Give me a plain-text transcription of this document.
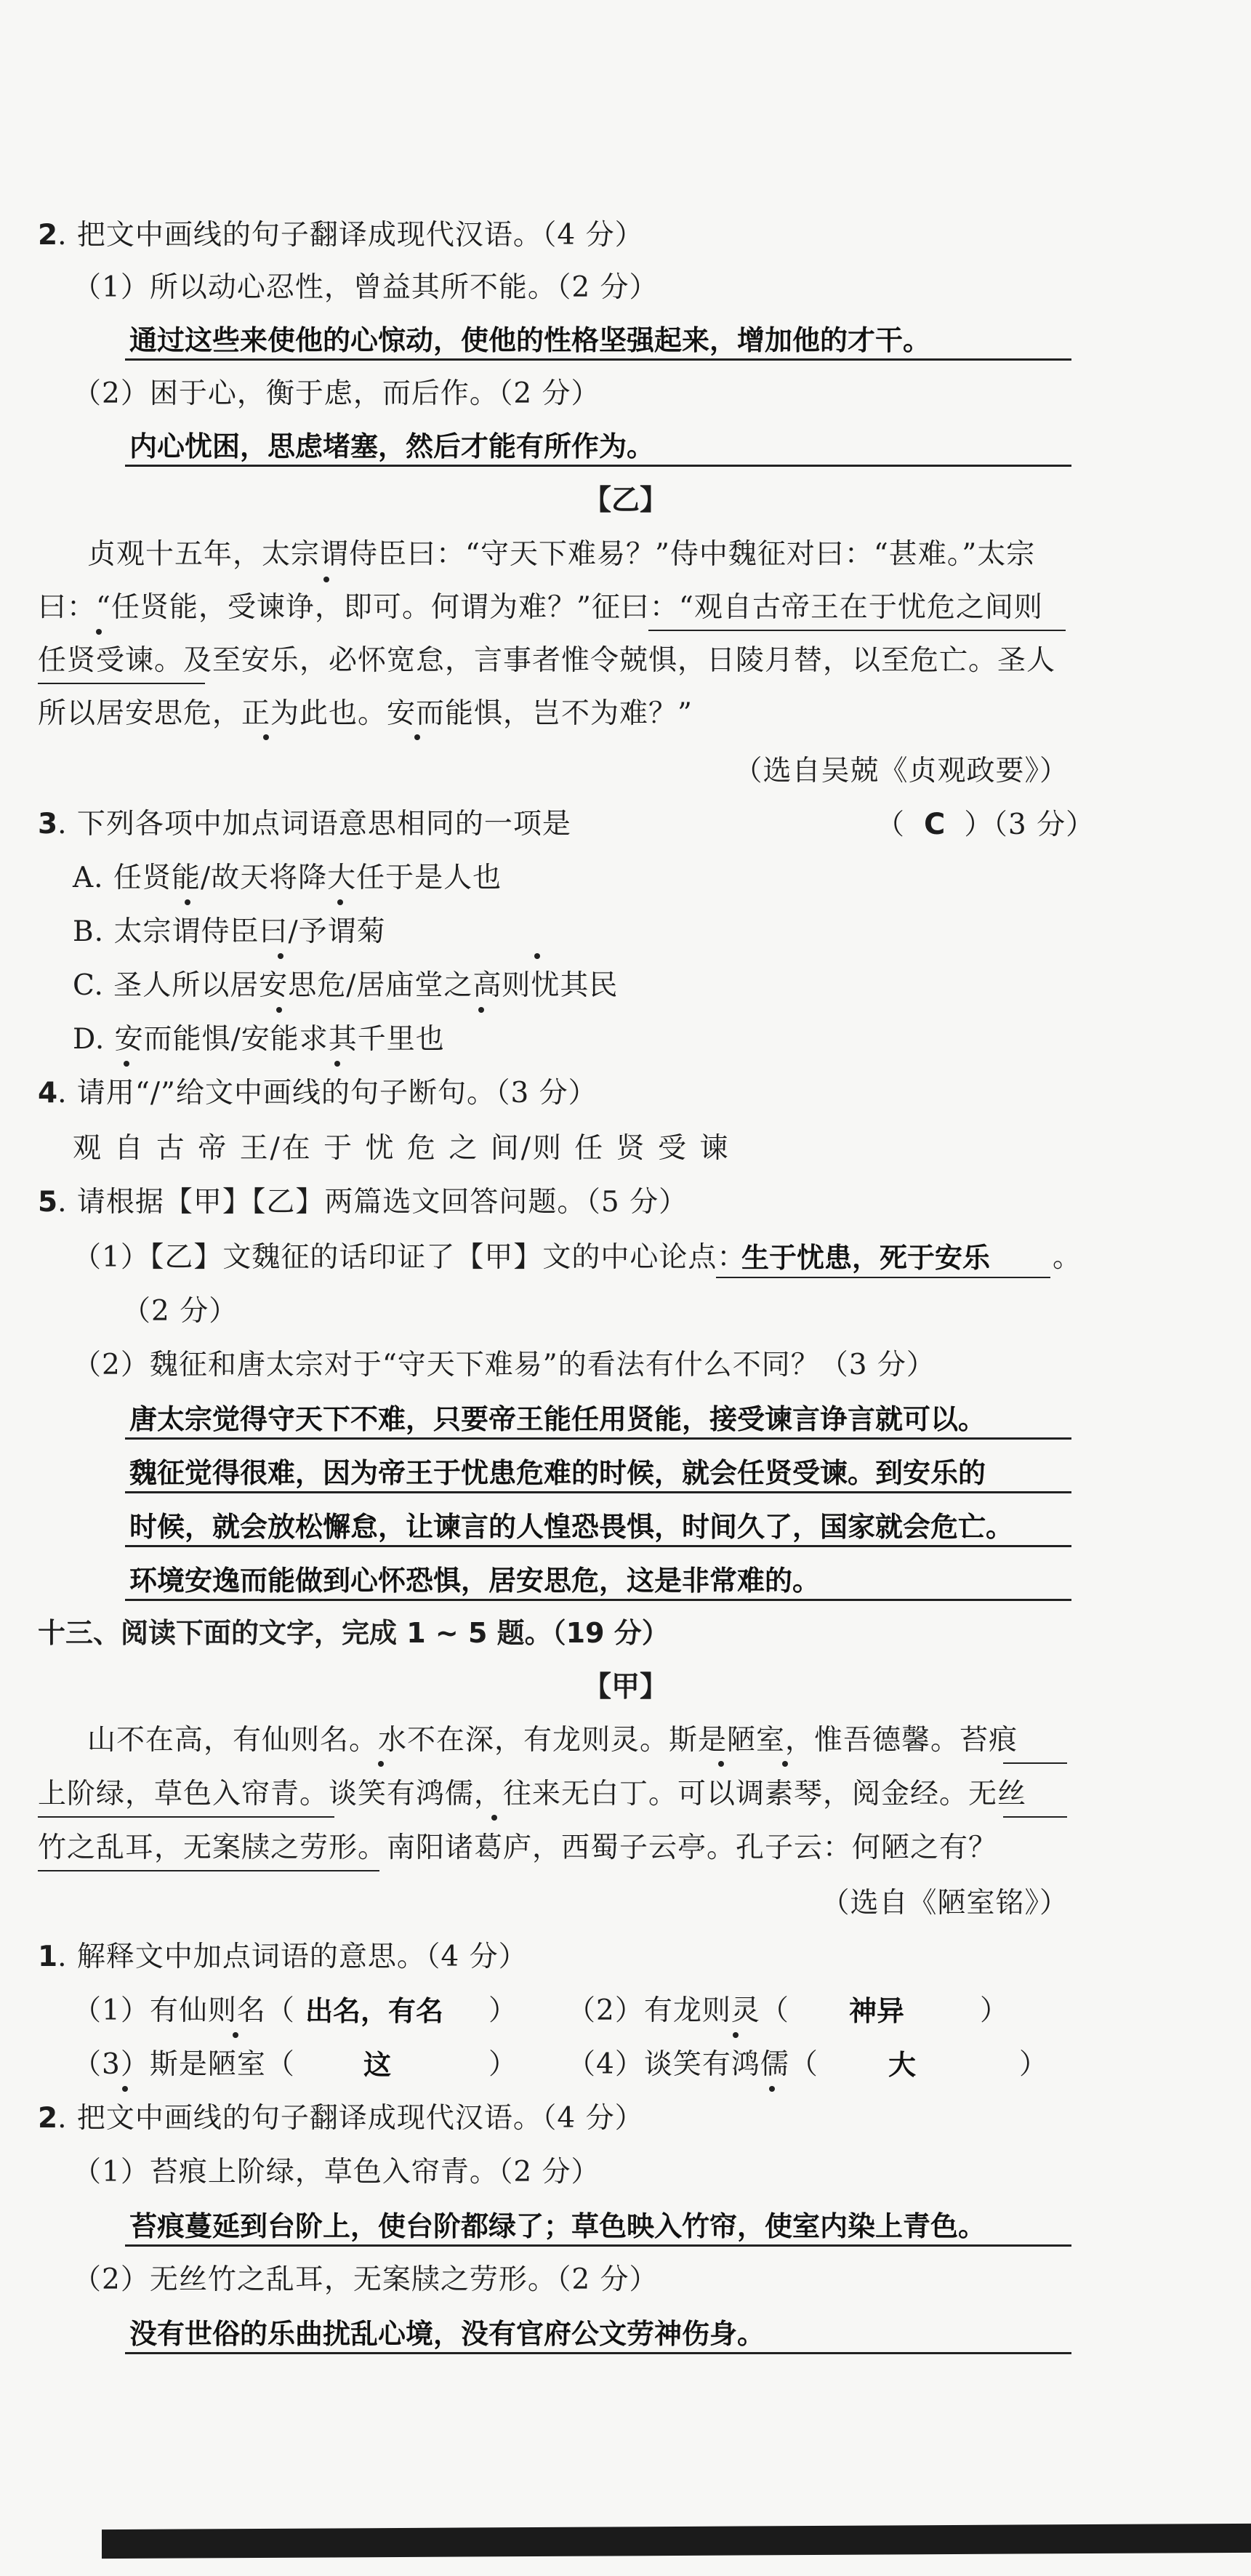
2. 把文中画线的句子翻译成现代汉语。（4 分）
（1）所以动心忍性，曾益其所不能。（2 分）
通过这些来使他的心惊动，使他的性格坚强起来，增加他的才干。
（2）困于心，衡于虑，而后作。（2 分）
内心忧困，思虑堵塞，然后才能有所作为。
【乙】
贞观十五年，太宗谓侍臣曰：“守天下难易？”侍中魏征对曰：“甚难。”太宗
曰：“任贤能，受谏诤，即可。何谓为难？”征曰：“观自古帝王在于忧危之间则
任贤受谏。及至安乐，必怀宽怠，言事者惟令兢惧，日陵月替，以至危亡。圣人
所以居安思危，正为此也。安而能惧，岂不为难？”
（选自吴兢《贞观政要》）
3. 下列各项中加点词语意思相同的一项是	（ C ）（3 分）
A. 任贤能/故天将降大任于是人也
B. 太宗谓侍臣曰/予谓菊
C. 圣人所以居安思危/居庙堂之高则忧其民
D. 安而能惧/安能求其千里也
4. 请用“/”给文中画线的句子断句。（3 分）
观 自 古 帝 王/在 于 忧 危 之 间/则 任 贤 受 谏
5. 请根据【甲】【乙】两篇选文回答问题。（5 分）
（1）【乙】文魏征的话印证了【甲】文的中心论点：
生于忧患，死于安乐 。
（2 分）
（2）魏征和唐太宗对于“守天下难易”的看法有什么不同？（3 分）
唐太宗觉得守天下不难，只要帝王能任用贤能，接受谏言诤言就可以。
魏征觉得很难，因为帝王于忧患危难的时候，就会任贤受谏。到安乐的
时候，就会放松懈怠，让谏言的人惶恐畏惧，时间久了，国家就会危亡。
环境安逸而能做到心怀恐惧，居安思危，这是非常难的。
十三、阅读下面的文字，完成 1 ~ 5 题。（19 分）
【甲】
山不在高，有仙则名。水不在深，有龙则灵。斯是陋室，惟吾德馨。苔痕
上阶绿，草色入帘青。谈笑有鸿儒，往来无白丁。可以调素琴，阅金经。无丝
竹之乱耳，无案牍之劳形。南阳诸葛庐，西蜀子云亭。孔子云：何陋之有？
（选自《陋室铭》）
1. 解释文中加点词语的意思。（4 分）
（1）有仙则名（ 出名，有名 ） （2）有龙则灵（ 神异	）
（3）斯是陋室（ 这	） （4）谈笑有鸿儒（	大	）
2. 把文中画线的句子翻译成现代汉语。（4 分）
（1）苔痕上阶绿，草色入帘青。（2 分）
苔痕蔓延到台阶上，使台阶都绿了；草色映入竹帘，使室内染上青色。
（2）无丝竹之乱耳，无案牍之劳形。（2 分）
没有世俗的乐曲扰乱心境，没有官府公文劳神伤身。
